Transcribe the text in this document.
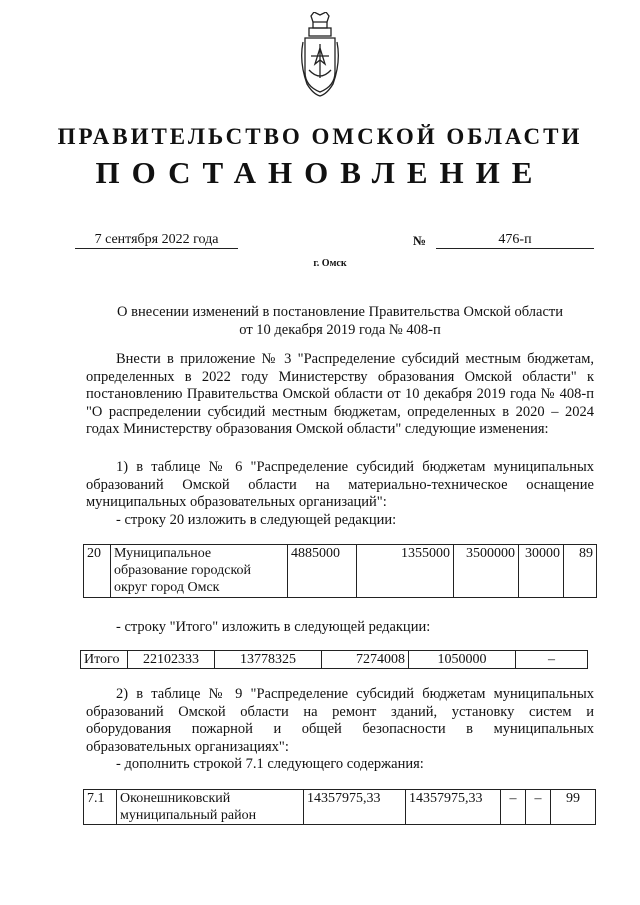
ПРАВИТЕЛЬСТВО ОМСКОЙ ОБЛАСТИ
ПОСТАНОВЛЕНИЕ
7 сентября 2022 года	№	476-п
г. Омск
О внесении изменений в постановление Правительства Омской области
от 10 декабря 2019 года № 408-п
Внести в приложение № 3 "Распределение субсидий местным бюджетам, определенных в 2022 году Министерству образования Омской области" к постановлению Правительства Омской области от 10 декабря 2019 года № 408-п "О распределении субсидий местным бюджетам, определенных в 2020 – 2024 годах Министерству образования Омской области" следующие изменения:
1) в таблице № 6 "Распределение субсидий бюджетам муниципальных образований Омской области на материально-техническое оснащение муниципальных образовательных организаций":
- строку 20 изложить в следующей редакции:
20	Муниципальное образование городской округ город Омск	4885000	1355000	3500000	30000	89
- строку "Итого" изложить в следующей редакции:
Итого	22102333	13778325	7274008	1050000	–
2) в таблице № 9 "Распределение субсидий бюджетам муниципальных образований Омской области на ремонт зданий, установку систем и оборудования пожарной и общей безопасности в муниципальных образовательных организациях":
- дополнить строкой 7.1 следующего содержания:
7.1	Оконешниковский муниципальный район	14357975,33	14357975,33	–	–	99
